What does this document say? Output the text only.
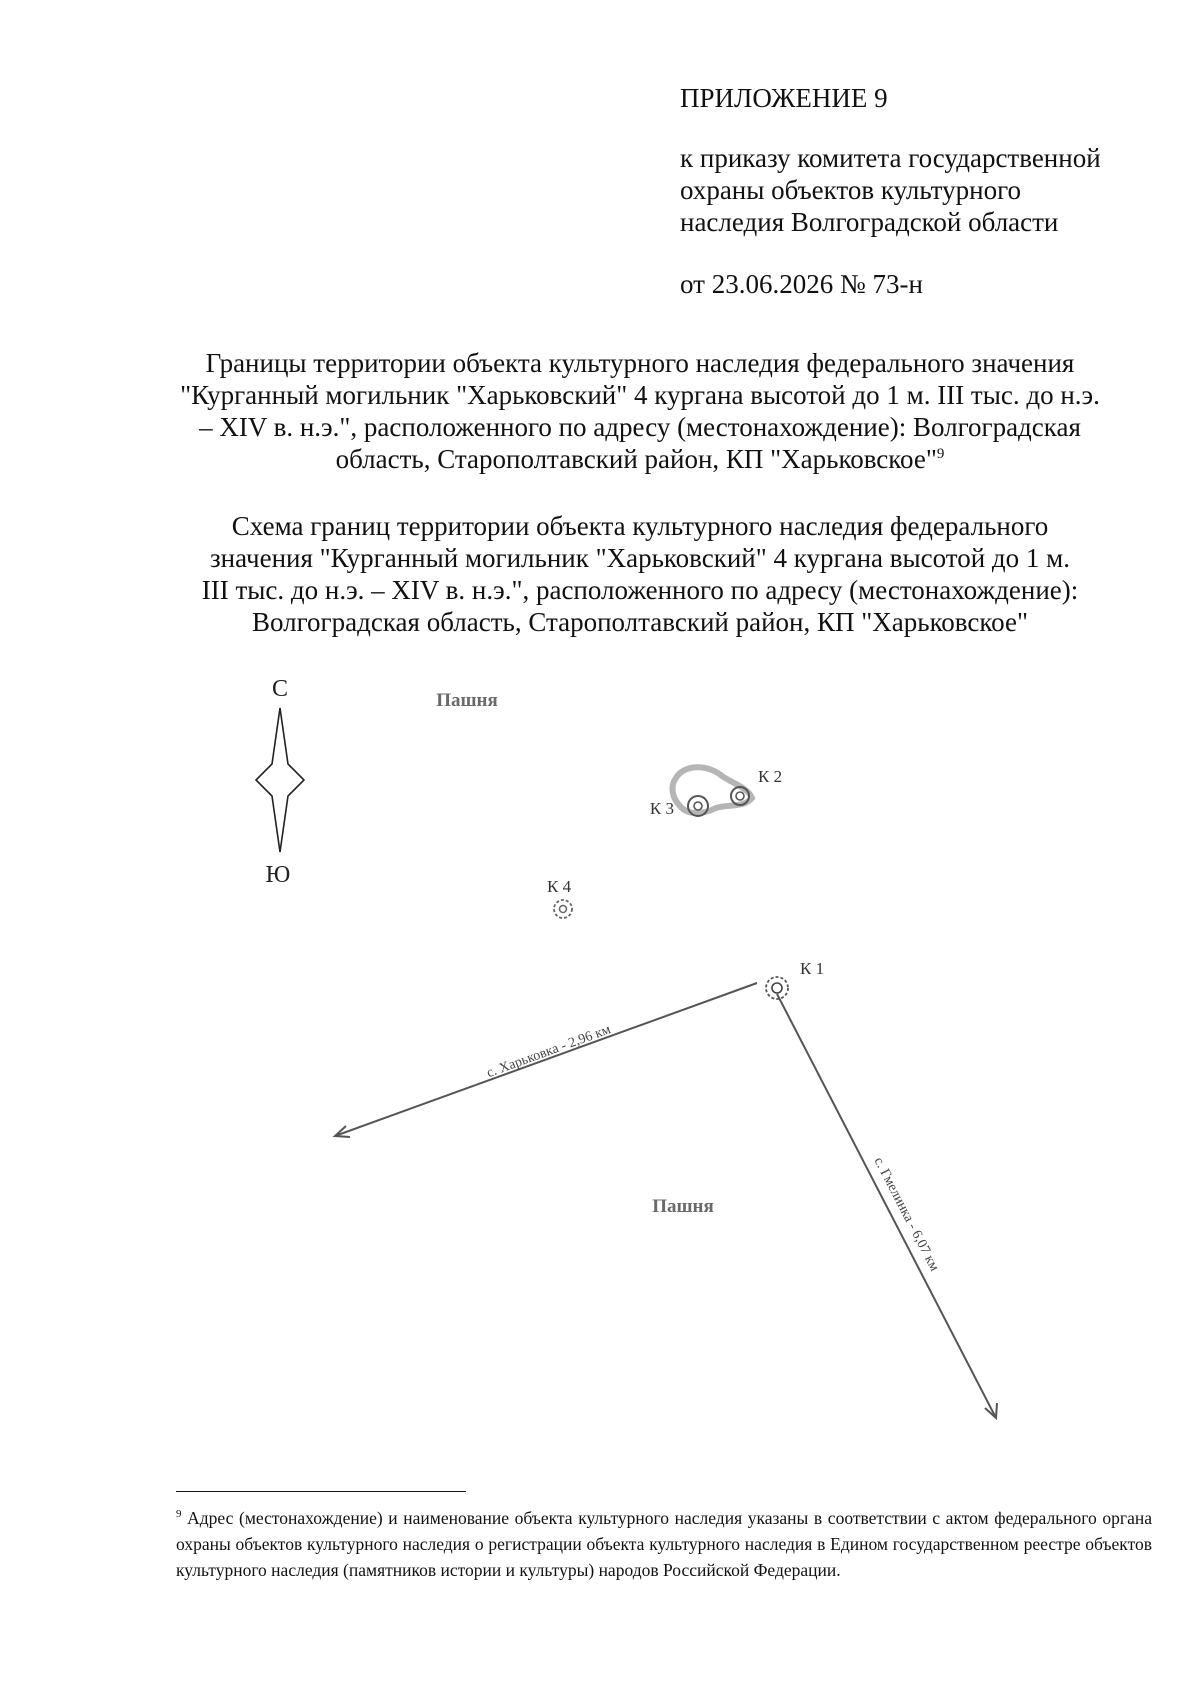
ПРИЛОЖЕНИЕ 9
к приказу комитета государственной
охраны объектов культурного
наследия Волгоградской области
от 23.06.2026 № 73-н
Границы территории объекта культурного наследия федерального значения
"Курганный могильник "Харьковский" 4 кургана высотой до 1 м. III тыс. до н.э.
– XIV в. н.э.", расположенного по адресу (местонахождение): Волгоградская
область, Старополтавский район, КП "Харьковское"$^9$
Схема границ территории объекта культурного наследия федерального
значения "Курганный могильник "Харьковский" 4 кургана высотой до 1 м.
III тыс. до н.э. – XIV в. н.э.", расположенного по адресу (местонахождение):
Волгоградская область, Старополтавский район, КП "Харьковское"
С
Ю
Пашня
Пашня
К 3
К 2
К 4
К 1
с. Харьковка - 2,96 км
с. Гмелинка - 6,07 км
$^9$ Адрес (местонахождение) и наименование объекта культурного наследия указаны в соответствии с актом федерального органа охраны объектов культурного наследия о регистрации объекта культурного наследия в Едином государственном реестре объектов культурного наследия (памятников истории и культуры) народов Российской Федерации.
